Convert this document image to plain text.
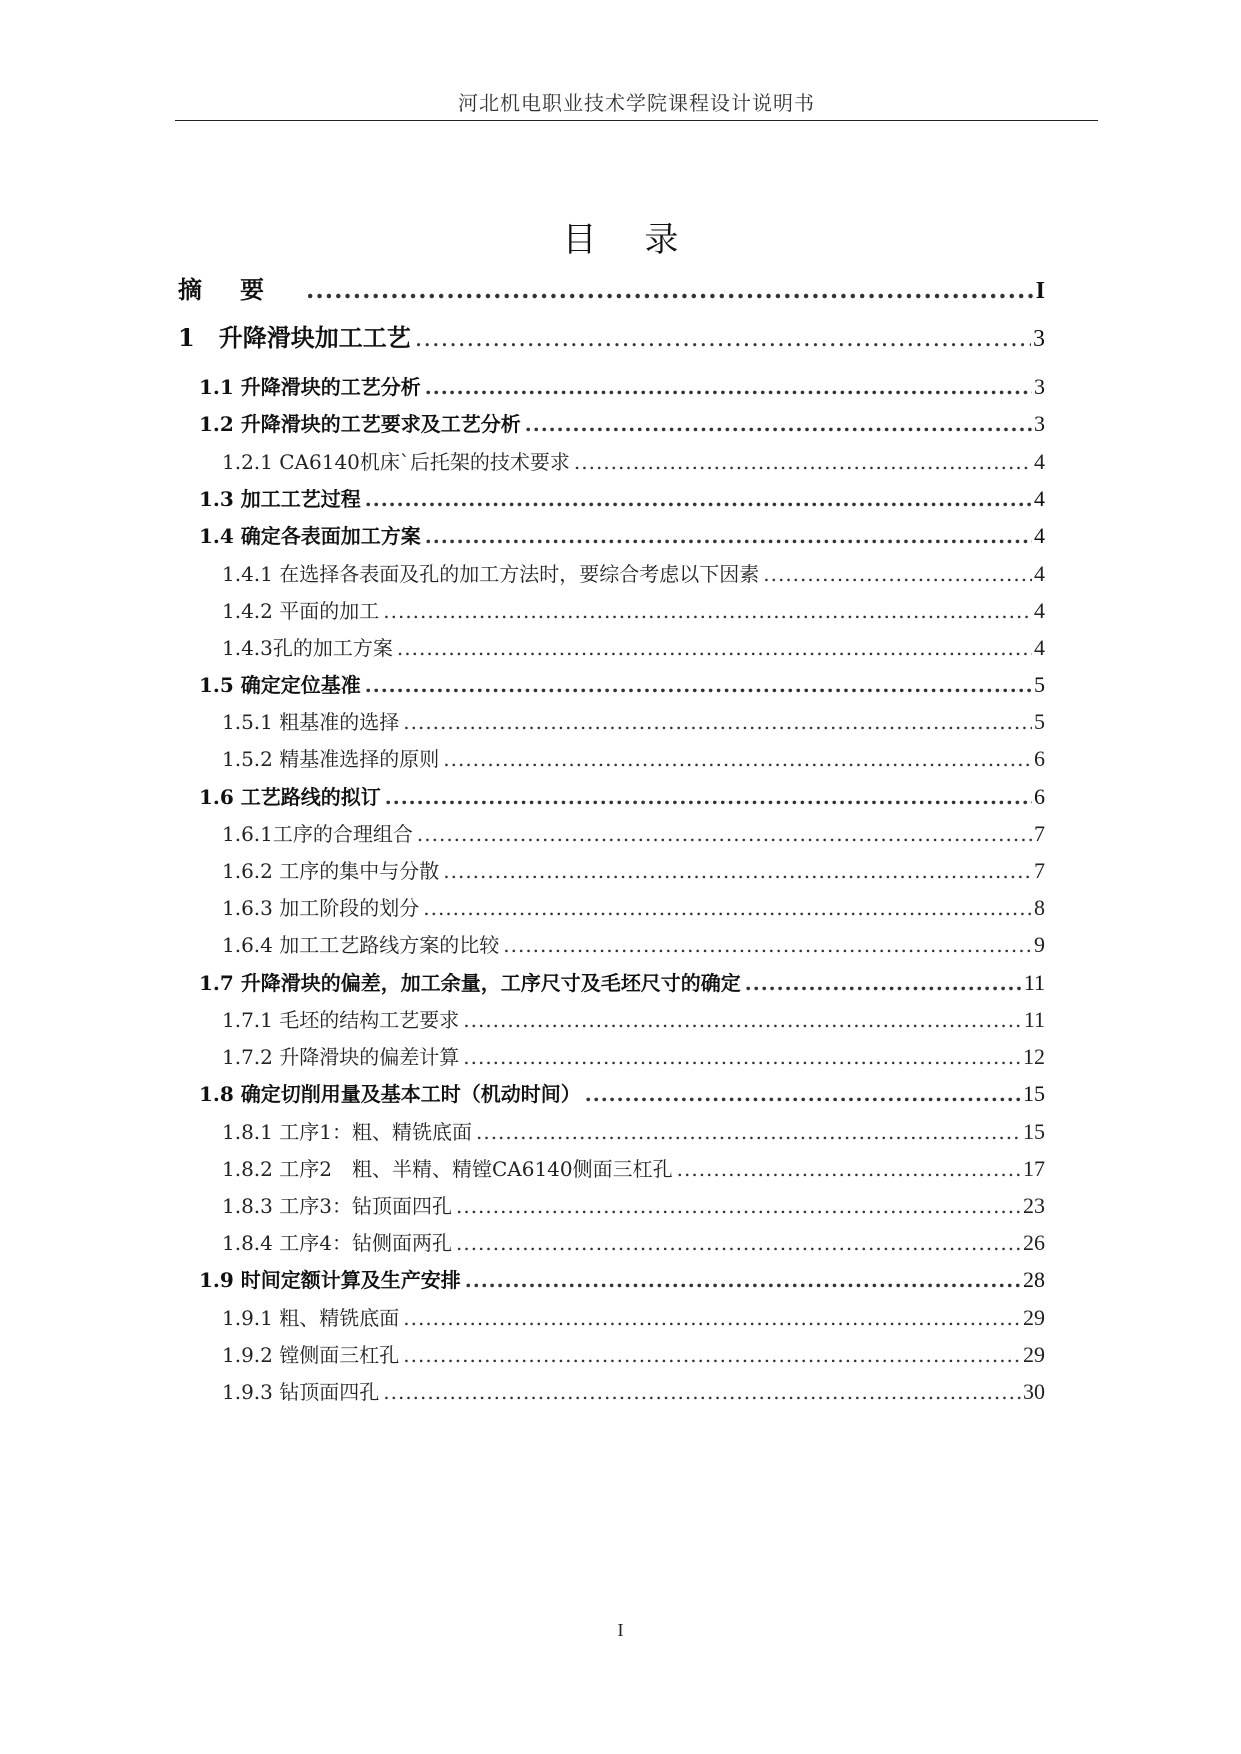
河北机电职业技术学院课程设计说明书
目录
摘要 .....	I
1　升降滑块加工工艺 .....	3
1.1 升降滑块的工艺分析 .....	3
1.2 升降滑块的工艺要求及工艺分析 .....	3
1.2.1 CA6140机床`后托架的技术要求 .....	4
1.3 加工工艺过程 .....	4
1.4 确定各表面加工方案 .....	4
1.4.1 在选择各表面及孔的加工方法时，要综合考虑以下因素 .....	4
1.4.2 平面的加工 .....	4
1.4.3孔的加工方案 .....	4
1.5 确定定位基准 .....	5
1.5.1 粗基准的选择 .....	5
1.5.2 精基准选择的原则 .....	6
1.6 工艺路线的拟订 .....	6
1.6.1工序的合理组合 .....	7
1.6.2 工序的集中与分散 .....	7
1.6.3 加工阶段的划分 .....	8
1.6.4 加工工艺路线方案的比较 .....	9
1.7 升降滑块的偏差，加工余量，工序尺寸及毛坯尺寸的确定 .....	11
1.7.1 毛坯的结构工艺要求 .....	11
1.7.2 升降滑块的偏差计算 .....	12
1.8 确定切削用量及基本工时（机动时间） .....	15
1.8.1 工序1：粗、精铣底面 .....	15
1.8.2 工序2　粗、半精、精镗CA6140侧面三杠孔 .....	17
1.8.3 工序3：钻顶面四孔 .....	23
1.8.4 工序4：钻侧面两孔 .....	26
1.9 时间定额计算及生产安排 .....	28
1.9.1 粗、精铣底面 .....	29
1.9.2 镗侧面三杠孔 .....	29
1.9.3 钻顶面四孔 .....	30
I
